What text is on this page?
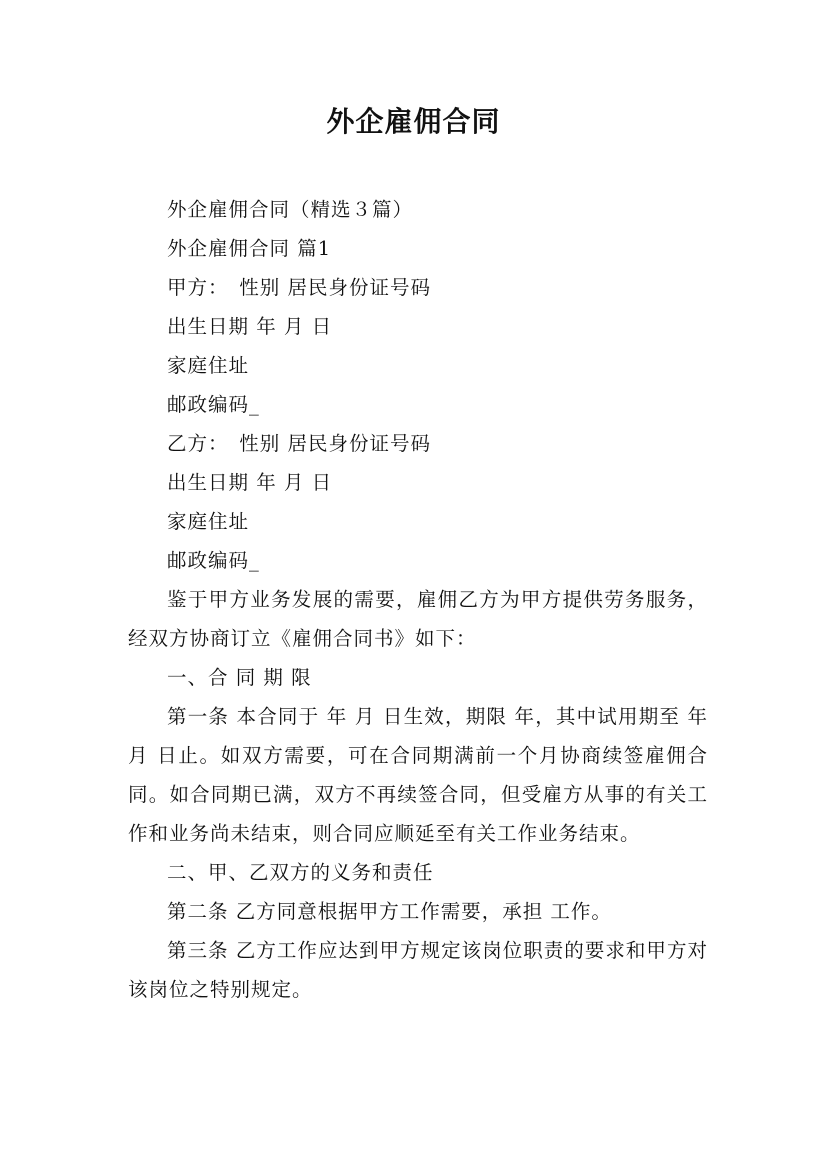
外企雇佣合同

外企雇佣合同（精选３篇）

外企雇佣合同 篇1

甲方：　性别 居民身份证号码

出生日期 年 月 日

家庭住址

邮政编码_

乙方：　性别 居民身份证号码

出生日期 年 月 日

家庭住址

邮政编码_

鉴于甲方业务发展的需要，雇佣乙方为甲方提供劳务服务，经双方协商订立《雇佣合同书》如下：

一、合 同 期 限

第一条 本合同于 年 月 日生效，期限 年，其中试用期至 年 月 日止。如双方需要，可在合同期满前一个月协商续签雇佣合同。如合同期已满，双方不再续签合同，但受雇方从事的有关工作和业务尚未结束，则合同应顺延至有关工作业务结束。

二、甲、乙双方的义务和责任

第二条 乙方同意根据甲方工作需要，承担 工作。

第三条 乙方工作应达到甲方规定该岗位职责的要求和甲方对该岗位之特别规定。
